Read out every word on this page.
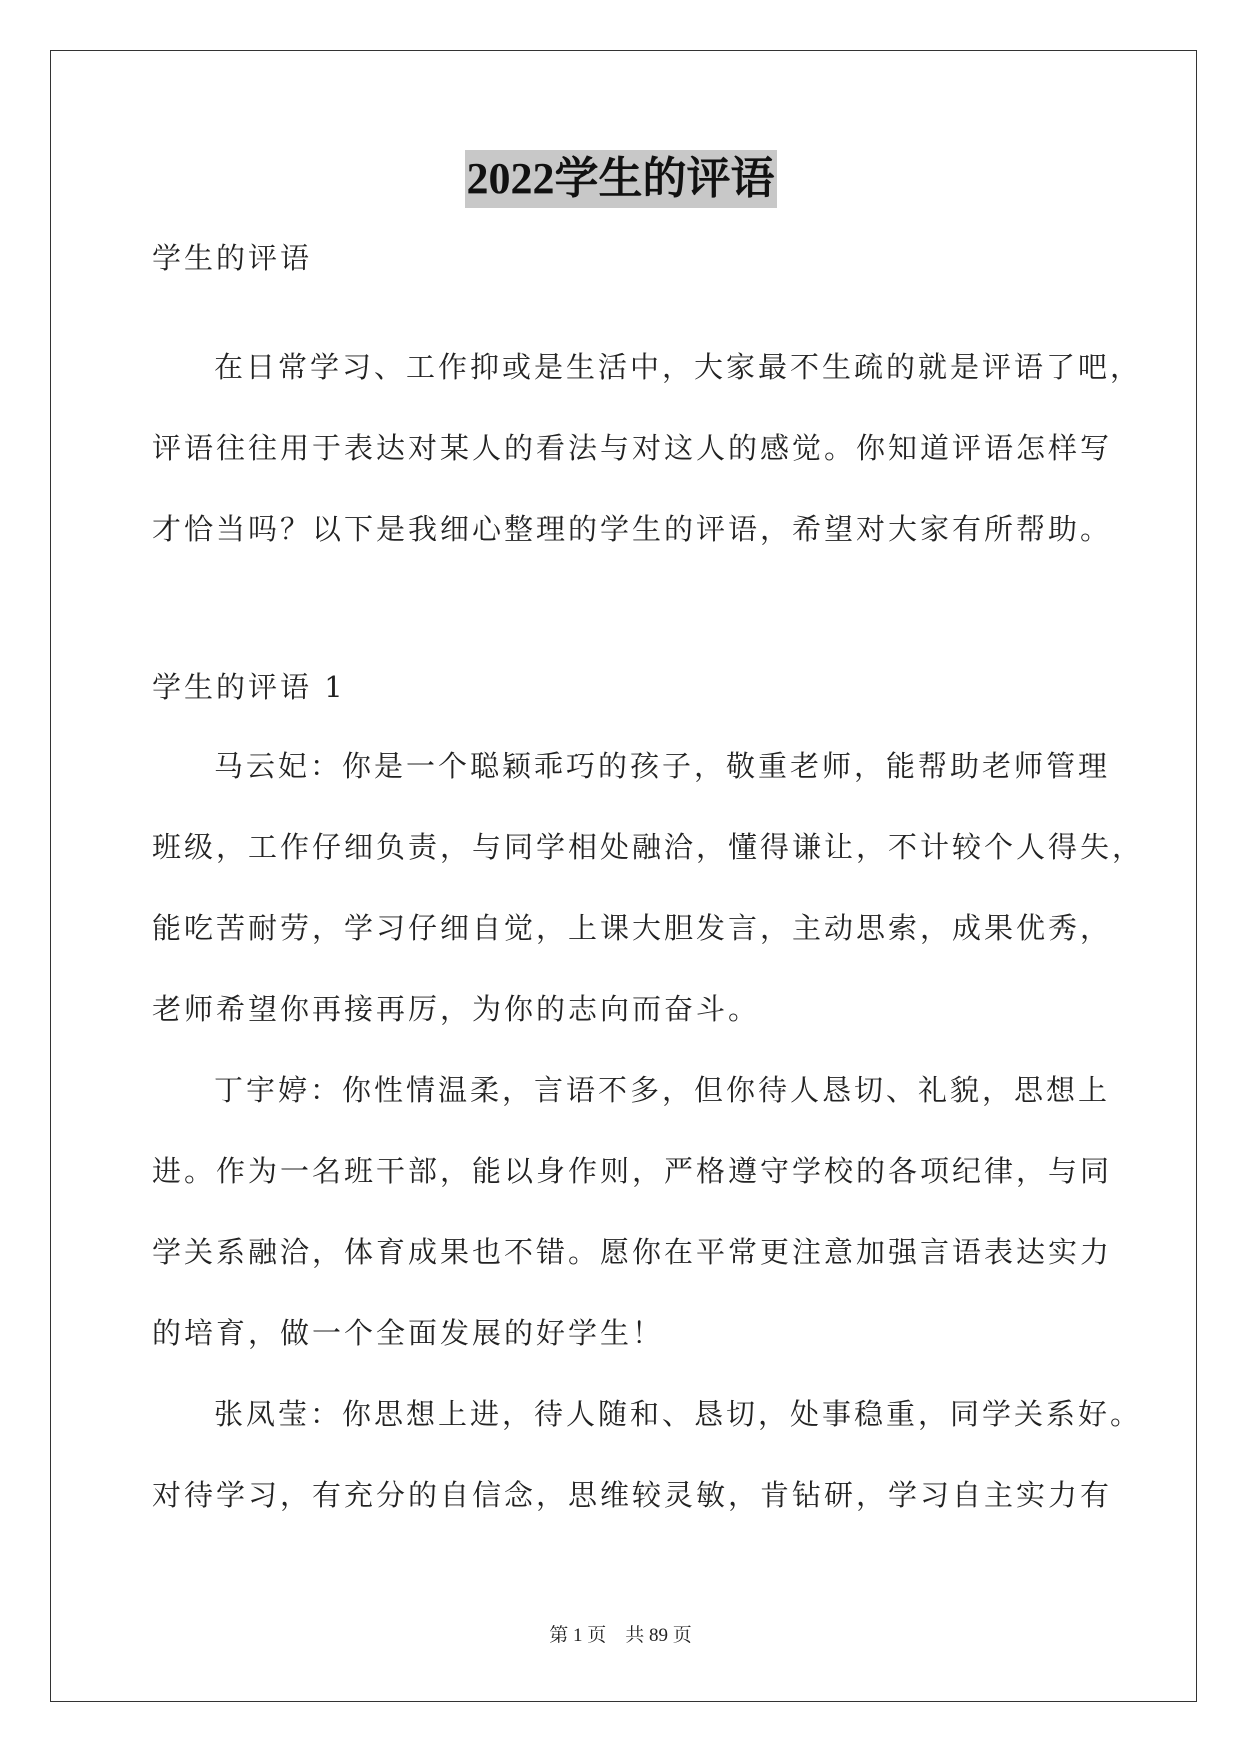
2022学生的评语
学生的评语
在日常学习、工作抑或是生活中，大家最不生疏的就是评语了吧，
评语往往用于表达对某人的看法与对这人的感觉。你知道评语怎样写
才恰当吗？以下是我细心整理的学生的评语，希望对大家有所帮助。
学生的评语 1
马云妃：你是一个聪颖乖巧的孩子，敬重老师，能帮助老师管理
班级，工作仔细负责，与同学相处融洽，懂得谦让，不计较个人得失，
能吃苦耐劳，学习仔细自觉，上课大胆发言，主动思索，成果优秀，
老师希望你再接再厉，为你的志向而奋斗。
丁宇婷：你性情温柔，言语不多，但你待人恳切、礼貌，思想上
进。作为一名班干部，能以身作则，严格遵守学校的各项纪律，与同
学关系融洽，体育成果也不错。愿你在平常更注意加强言语表达实力
的培育，做一个全面发展的好学生！
张凤莹：你思想上进，待人随和、恳切，处事稳重，同学关系好。
对待学习，有充分的自信念，思维较灵敏，肯钻研，学习自主实力有
第 1 页    共 89 页
